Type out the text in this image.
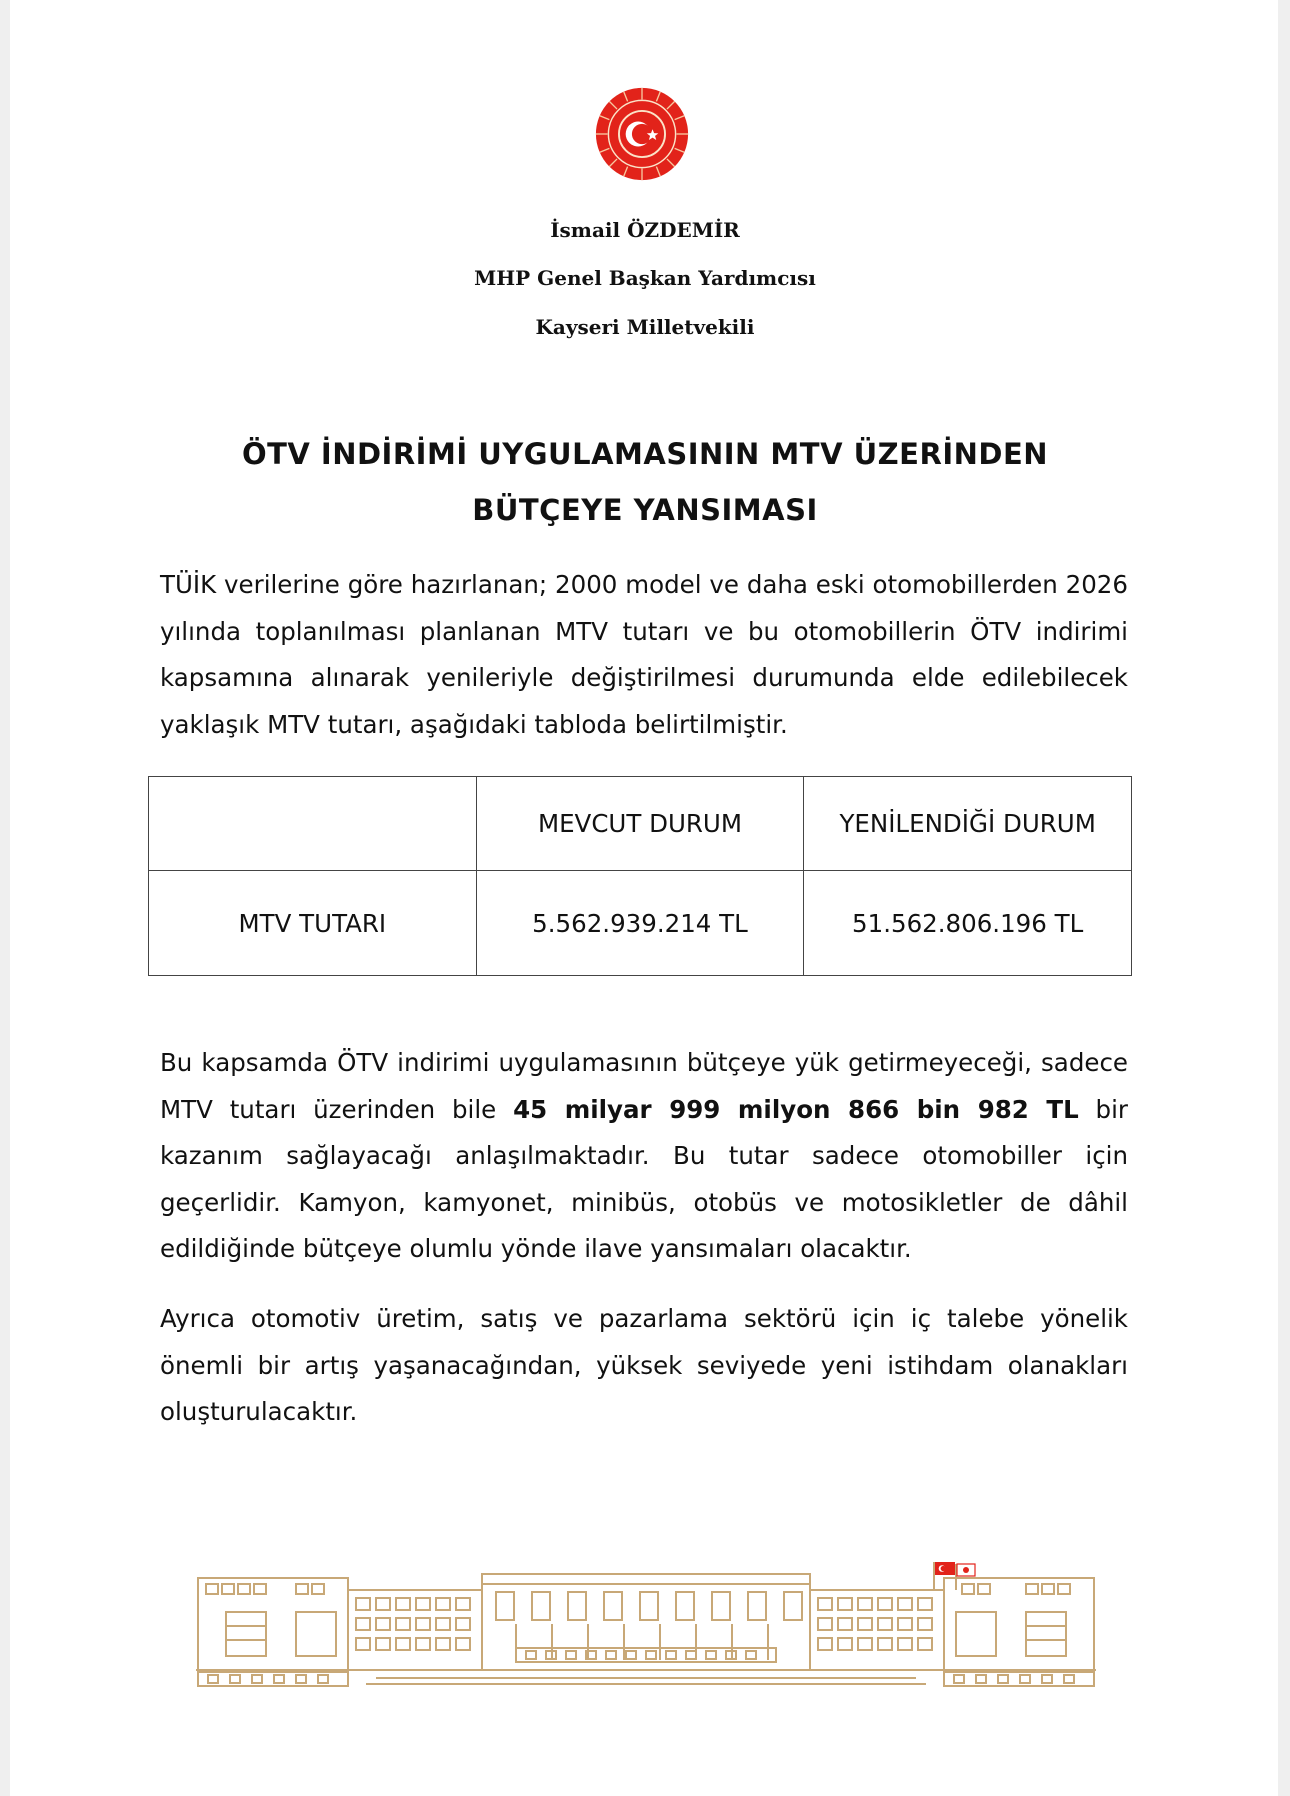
İsmail ÖZDEMİR
MHP Genel Başkan Yardımcısı
Kayseri Milletvekili
ÖTV İNDİRİMİ UYGULAMASININ MTV ÜZERİNDEN
BÜTÇEYE YANSIMASI
TÜİK verilerine göre hazırlanan; 2000 model ve daha eski otomobillerden 2026 yılında toplanılması planlanan MTV tutarı ve bu otomobillerin ÖTV indirimi kapsamına alınarak yenileriyle değiştirilmesi durumunda elde edilebilecek yaklaşık MTV tutarı, aşağıdaki tabloda belirtilmiştir.
	MEVCUT DURUM	YENİLENDİĞİ DURUM
MTV TUTARI	5.562.939.214 TL	51.562.806.196 TL
Bu kapsamda ÖTV indirimi uygulamasının bütçeye yük getirmeyeceği, sadece MTV tutarı üzerinden bile 45 milyar 999 milyon 866 bin 982 TL bir kazanım sağlayacağı anlaşılmaktadır. Bu tutar sadece otomobiller için geçerlidir. Kamyon, kamyonet, minibüs, otobüs ve motosikletler de dâhil edildiğinde bütçeye olumlu yönde ilave yansımaları olacaktır.
Ayrıca otomotiv üretim, satış ve pazarlama sektörü için iç talebe yönelik önemli bir artış yaşanacağından, yüksek seviyede yeni istihdam olanakları oluşturulacaktır.
